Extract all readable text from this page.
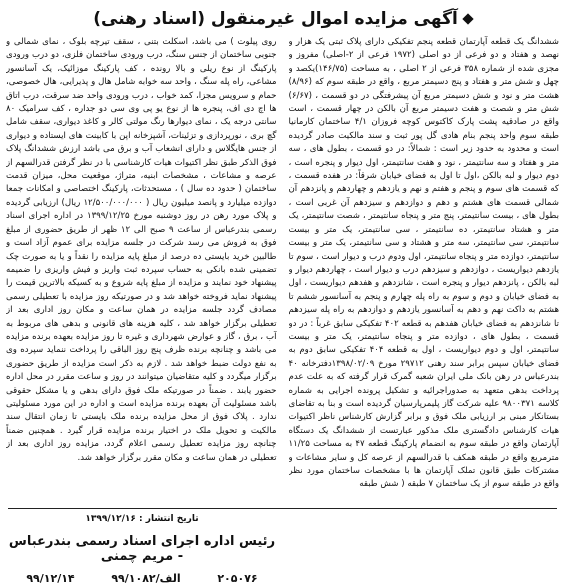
آگهی مزایده اموال غیرمنقول (اسناد رهنی)

ششدانگ یک قطعه آپارتمان قطعه پنجم تفکیکی دارای پلاک ثبتی یک هزار و نهصد و هفتاد و دو فرعی از دو اصلی (۱۹۷۲ فرعی از ۲-اصلی) مفروز و مجزی شده از شماره ۳۵۸ فرعی از ۲ اصلی ، به مساحت (۱۴۶/۷۵)یکصد و چهل و شش متر و هفتاد و پنج دسیمتر مربع ، واقع در طبقه سوم که (۸/۹۶) هشت متر و نود و شش دسیمتر مربع آن پیشرفتگی در دو قسمت ، (۶/۶۷) شش متر و شصت و هفت دسیمتر مربع آن بالکن در چهار قسمت ، است واقع در صادقیه پشت پارک کاکتوس کوچه فروزان ۴/۱ ساختمان کارمانیا طبقه سوم واحد پنجم بنام هادی گل پور ثبت و سند مالکیت صادر گردیده است و محدود به حدود زیر است : شمالاً: در دو قسمت ، بطول های ، سه متر و هفتاد و سه سانتیمتر ، نود و هفت سانتیمتر، اول دیوار و پنجره است ، دوم دیوار و لبه بالکن ،اول تا اول به فضای خیابان شرقاً: در هفده قسمت ، که قسمت های سوم و پنجم و هفتم و نهم و یازدهم و چهاردهم و پانزدهم آن شمالی قسمت های هشتم و دهم و دوازدهم و سیزدهم آن غربی است ، بطول های ، بیست سانتیمتر، پنج متر و پنجاه سانتیمتر ، شصت سانتیمتر، یک متر و هشتاد سانتیمتر، ده سانتیمتر ، سی سانتیمتر، یک متر و بیست سانتیمتر، سی سانتیمتر، سه متر و هشتاد و سی سانتیمتر، یک متر و بیست سانتیمتر، دوازده متر و پنجاه سانتیمتر، اول ودوم درب و دیوار است ، سوم تا یازدهم دیواریست ، دوازدهم و سیزدهم درب و دیوار است ، چهاردهم دیوار و لبه بالکن ، پانزدهم دیوار و پنجره است ، شانزدهم و هفدهم دیواریست ، اول به فضای خیابان و دوم و سوم به راه پله چهارم و پنجم به آسانسور ششم تا هشتم به داکت نهم و دهم به آسانسور یازدهم و دوازدهم به راه پله سیزدهم تا شانزدهم به فضای خیابان هفدهم به قطعه ۴۰۲ تفکیکی سابق غرباً : در دو قسمت ، بطول های ، دوازده متر و پنجاه سانتیمتر، یک متر و بیست سانتیمتر، اول و دوم دیواریست ، اول به قطعه ۴۰۴ تفکیکی سابق دوم به فضای خیابان سپس برابر سند رهنی ۲۹۷۱۲ مورخ ۱۳۹۸/۰۲/۰۹دفترخانه ۴۰ بندرعباس در رهن بانک ملی ایران شعبه گمرک قرار گرفته که به علت عدم پرداخت بدهی متعهد به صدوراجرائیه و تشکیل پرونده اجرایی به شماره کلاسه ۹۸۰۰۳۷۱ علیه شرکت گاز پلیمرپارسیان گردیده است و بنا به تقاضای بستانکار مبنی بر ارزیابی ملک فوق و برابر گزارش کارشناس ناظر اکتیوات هیات کارشناس دادگستری ملک مذکور عبارتست از ششدانگ یک دستگاه آپارتمان واقع در طبقه سوم به انضمام پارکینگ قطعه ۴۷ به مساحت ۱۱/۲۵ مترمربع واقع در طبقه همکف با قدرالسهم از عرصه کل و سایر مشاعات و مشترکات طبق قانون تملک آپارتمان ها با مشخصات ساختمان مورد نظر واقع در طبقه سوم از یک ساختمان ۷ طبقه ( شش طبقه

روی پیلوت ) می باشد، اسکلت بتنی ، سقف تیرچه بلوک ، نمای شمالی و جنوبی ساختمان از جنس سنگ، درب ورودی ساختمان فلزی، دو درب ورودی پارکینگ از نوع ریلی و بالا رونده ، کف پارکینگ موزائیک، یک آسانسور مشاعی، راه پله سنگ ، واحد سه خوابه شامل هال و پذیرایی، هال خصوصی، حمام و سرویس مجزا، کمد خواب ، درب ورودی واحد ضد سرقت، درب اتاق ها اچ دی اف، پنجره ها از نوع یو پی وی سی دو جداره ، کف سرامیک ۸۰ سانتی درجه یک ، نمای دیوارها رنگ مولتی کالر و کاغذ دیواری، سقف شامل گچ بری ، نورپردازی و تزئینات، آشپزخانه اپن با کابینت های ایستاده و دیواری از جنس هایگلاس و دارای انشعاب آب و برق می باشد ارزش ششدانگ پلاک فوق الذکر طبق نظر اکتیوات هیات کارشناسی با در نظر گرفتن قدرالسهم از عرصه و مشاعات ، مشخصات ابنیه، متراژ، موقعیت محل، میزان قدمت ساختمان ( حدود ده سال ) ، مستحدثات، پارکینگ اختصاصی و امکانات جمعا دوازده میلیارد و پانصد میلیون ریال ( ۱۲/۵۰۰/۰۰۰/۰۰۰ ریال) ارزیابی گردیده و پلاک مورد رهن در روز دوشنبه مورخ ۱۳۹۹/۱۲/۲۵ در اداره اجرای اسناد رسمی بندرعباس از ساعت ۹ صبح الی ۱۲ ظهر از طریق حضوری از مبلغ فوق به فروش می رسد شرکت در جلسه مزایده برای عموم آزاد است و طالبین خرید بایستی ده درصد از مبلغ پایه مزایده را نقداً و یا به صورت چک تضمینی شده بانکی به حساب سپرده ثبت واریز و فیش واریزی را ضمیمه پیشنهاد خود نمایند و مزایده از مبلغ پایه شروع و به کسیکه بالاترین قیمت را پیشنهاد نماید فروخته خواهد شد و در صورتیکه روز مزایده با تعطیلی رسمی مصادف گردد جلسه مزایده در همان ساعت و مکان روز اداری بعد از تعطیلی برگزار خواهد شد ، کلیه هزینه های قانونی و بدهی های مربوط به آب ، برق ، گاز و عوارض شهرداری و غیره تا روز مزایده بعهده برنده مزایده می باشد و چنانچه برنده ظرف پنج روز الباقی را پرداخت ننماید سپرده وی به نفع دولت ضبط خواهد شد . لازم به ذکر است مزایده از طریق حضوری برگزار میگردد و کلیه متقاضیان میتوانند در روز و ساعت مقرر در محل اداره حضور یابند . ضمناً در صورتیکه ملک فوق دارای بدهی و یا مشکل حقوقی باشد مسئولیت آن بعهده برنده مزایده است و اداره در این مورد مسئولیتی ندارد . پلاک فوق از محل مزایده برنده ملک بایستی تا زمان انتقال سند مالکیت و تحویل ملک در اختیار برنده مزایده قرار گیرد . همچنین ضمناً چنانچه روز مزایده تعطیل رسمی اعلام گردد، مزایده روز اداری بعد از تعطیلی در همان ساعت و مکان مقرر برگزار خواهد شد.

تاریخ انتشار : ۱۳۹۹/۱۲/۱۶
رئیس اداره اجرای اسناد رسمی بندرعباس - مریم چمنی
۹۹/۱۲/۱۴	۹۹/۱۰۸۲/الف	۲۰۵۰۷۶
